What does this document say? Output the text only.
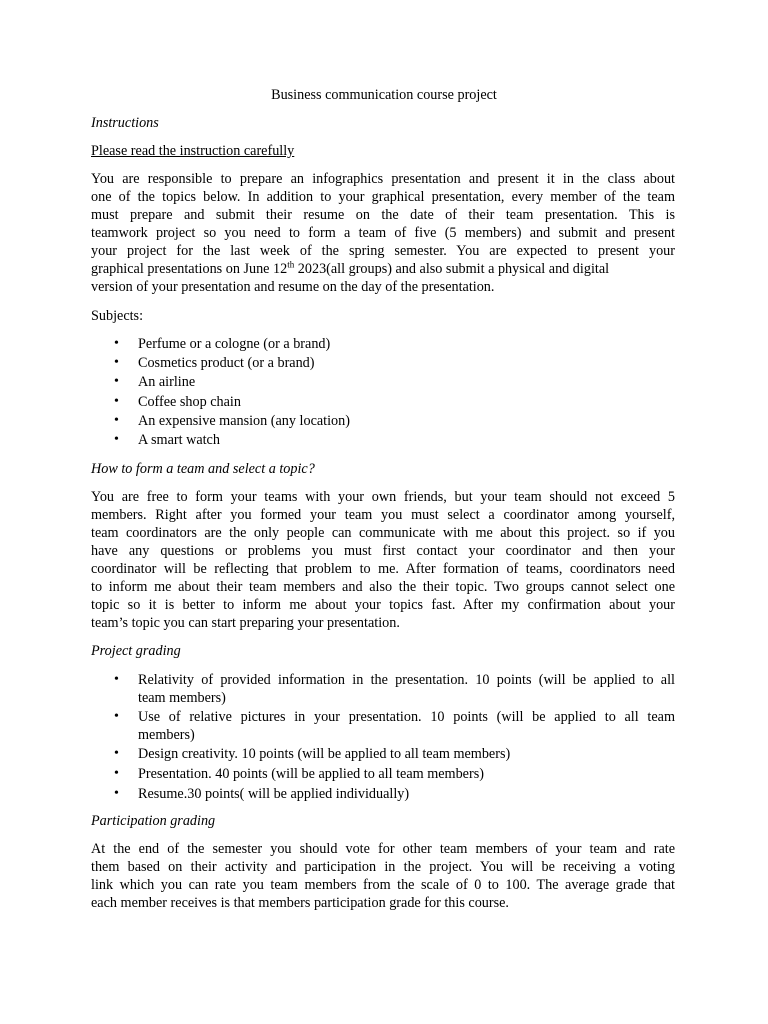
Business communication course project
Instructions
Please read the instruction carefully
You are responsible to prepare an infographics presentation and present it in the class about
one of the topics below. In addition to your graphical presentation, every member of the team
must prepare and submit their resume on the date of their team presentation. This is
teamwork project so you need to form a team of five (5 members) and submit and present
your project for the last week of the spring semester. You are expected to present your
graphical presentations on June 12th 2023(all groups) and also submit a physical and digital
version of your presentation and resume on the day of the presentation.
Subjects:
• Perfume or a cologne (or a brand)
• Cosmetics product (or a brand)
• An airline
• Coffee shop chain
• An expensive mansion (any location)
• A smart watch
How to form a team and select a topic?
You are free to form your teams with your own friends, but your team should not exceed 5
members. Right after you formed your team you must select a coordinator among yourself,
team coordinators are the only people can communicate with me about this project. so if you
have any questions or problems you must first contact your coordinator and then your
coordinator will be reflecting that problem to me. After formation of teams, coordinators need
to inform me about their team members and also the their topic. Two groups cannot select one
topic so it is better to inform me about your topics fast. After my confirmation about your
team’s topic you can start preparing your presentation.
Project grading
• Relativity of provided information in the presentation. 10 points (will be applied to all
team members)
• Use of relative pictures in your presentation. 10 points (will be applied to all team
members)
• Design creativity. 10 points (will be applied to all team members)
• Presentation. 40 points (will be applied to all team members)
• Resume.30 points( will be applied individually)
Participation grading
At the end of the semester you should vote for other team members of your team and rate
them based on their activity and participation in the project. You will be receiving a voting
link which you can rate you team members from the scale of 0 to 100. The average grade that
each member receives is that members participation grade for this course.
